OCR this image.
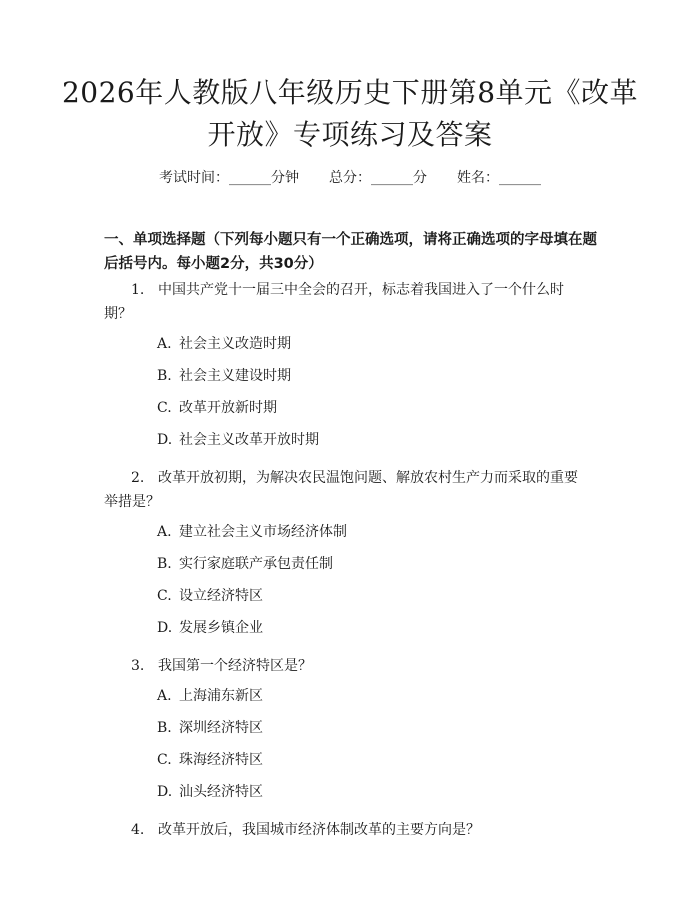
2026年人教版八年级历史下册第8单元《改革开放》专项练习及答案
考试时间：______分钟 总分：______分 姓名：______
一、单项选择题（下列每小题只有一个正确选项，请将正确选项的字母填在题后括号内。每小题2分，共30分）
1. 中国共产党十一届三中全会的召开，标志着我国进入了一个什么时期？
A. 社会主义改造时期
B. 社会主义建设时期
C. 改革开放新时期
D. 社会主义改革开放时期
2. 改革开放初期，为解决农民温饱问题、解放农村生产力而采取的重要举措是？
A. 建立社会主义市场经济体制
B. 实行家庭联产承包责任制
C. 设立经济特区
D. 发展乡镇企业
3. 我国第一个经济特区是？
A. 上海浦东新区
B. 深圳经济特区
C. 珠海经济特区
D. 汕头经济特区
4. 改革开放后，我国城市经济体制改革的主要方向是？
